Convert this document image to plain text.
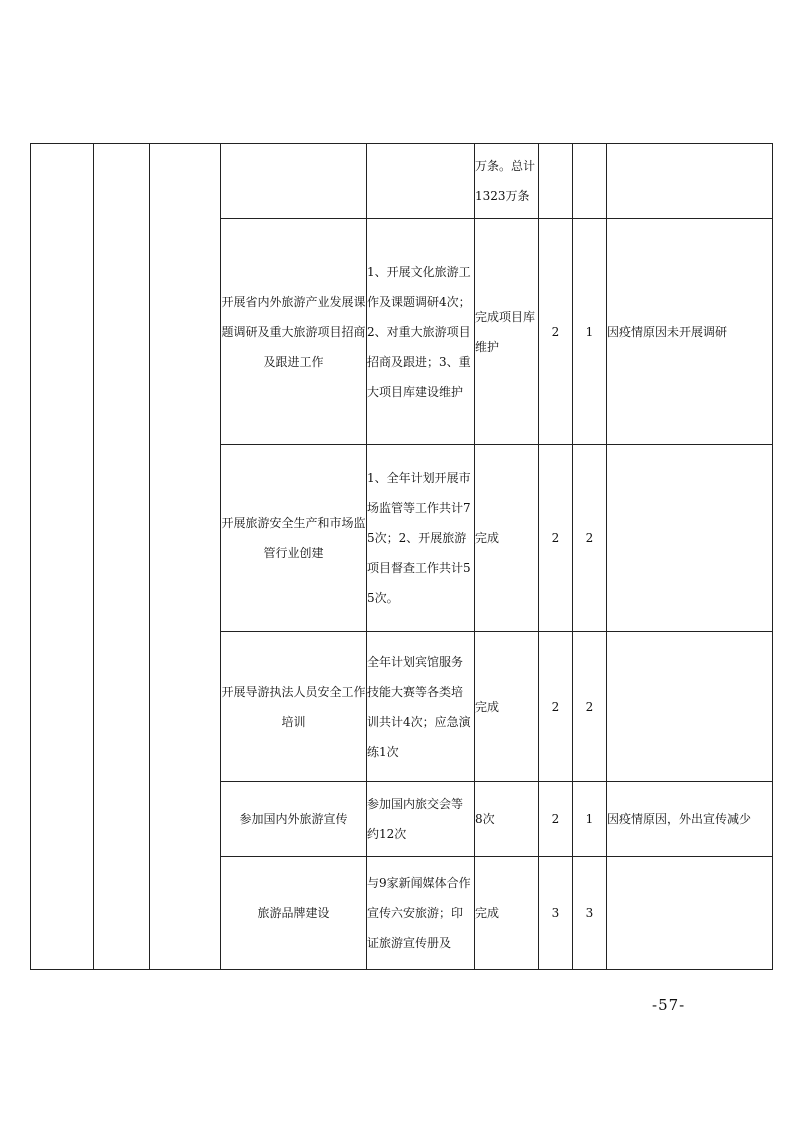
					万条。总计1323万条			
			开展省内外旅游产业发展课题调研及重大旅游项目招商及跟进工作	1、开展文化旅游工作及课题调研4次；2、对重大旅游项目招商及跟进；3、重大项目库建设维护	完成项目库维护	2	1	因疫情原因未开展调研
			开展旅游安全生产和市场监管行业创建	1、全年计划开展市场监管等工作共计75次；2、开展旅游项目督查工作共计55次。	完成	2	2	
			开展导游执法人员安全工作培训	全年计划宾馆服务技能大赛等各类培训共计4次；应急演练1次	完成	2	2	
			参加国内外旅游宣传	参加国内旅交会等约12次	8次	2	1	因疫情原因，外出宣传减少
			旅游品牌建设	与9家新闻媒体合作宣传六安旅游；印证旅游宣传册及	完成	3	3	
-57-
